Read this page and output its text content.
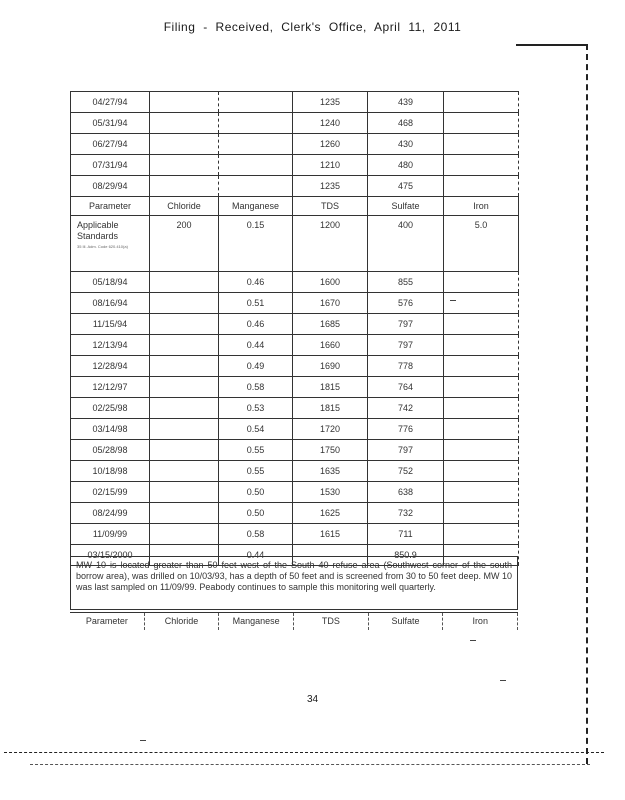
Filing - Received, Clerk's Office, April 11, 2011
04/27/94			1235	439	
05/31/94			1240	468	
06/27/94			1260	430	
07/31/94			1210	480	
08/29/94			1235	475	
Parameter	Chloride	Manganese	TDS	Sulfate	Iron
Applicable Standards
35 Ill. Adm. Code 620.410(a)	200	0.15	1200	400	5.0
05/18/94		0.46	1600	855	
08/16/94		0.51	1670	576	
11/15/94		0.46	1685	797	
12/13/94		0.44	1660	797	
12/28/94		0.49	1690	778	
12/12/97		0.58	1815	764	
02/25/98		0.53	1815	742	
03/14/98		0.54	1720	776	
05/28/98		0.55	1750	797	
10/18/98		0.55	1635	752	
02/15/99		0.50	1530	638	
08/24/99		0.50	1625	732	
11/09/99		0.58	1615	711	
03/15/2000		0.44		850.9	
MW 10 is located greater than 50 feet west of the South 40 refuse area (Southwest corner of the south borrow area), was drilled on 10/03/93, has a depth of 50 feet and is screened from 30 to 50 feet deep. MW 10 was last sampled on 11/09/99. Peabody continues to sample this monitoring well quarterly.
Parameter	Chloride	Manganese	TDS	Sulfate	Iron
34
